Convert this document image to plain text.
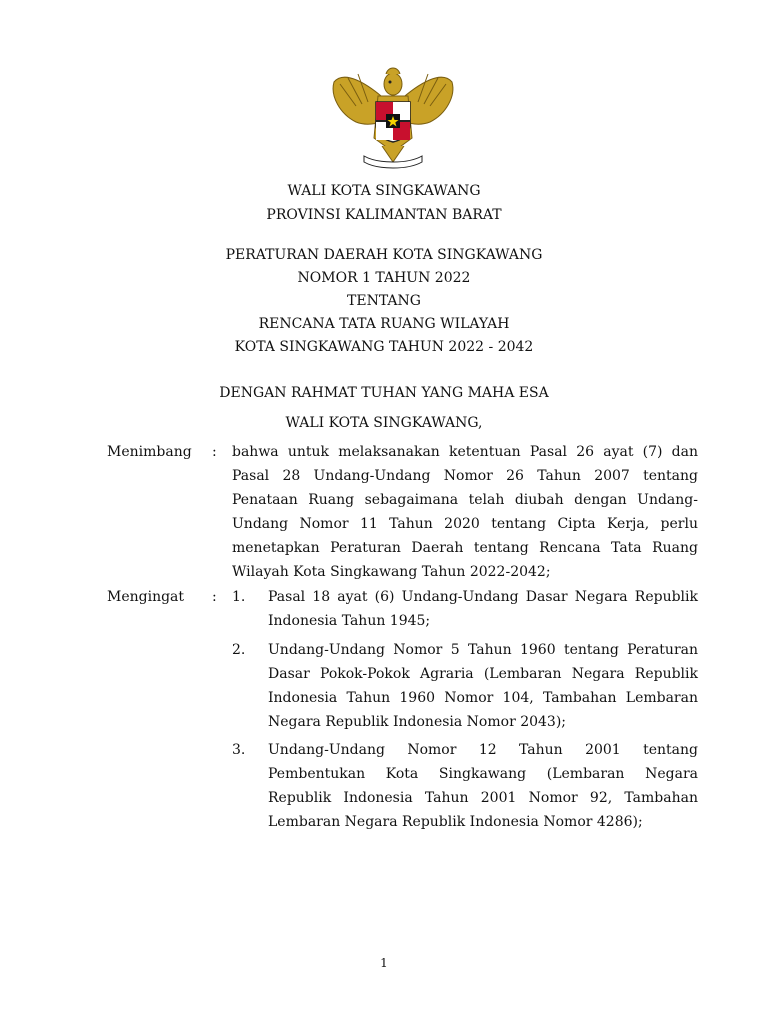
WALI KOTA SINGKAWANG
PROVINSI KALIMANTAN BARAT
PERATURAN DAERAH KOTA SINGKAWANG
NOMOR 1 TAHUN 2022
TENTANG
RENCANA TATA RUANG WILAYAH
KOTA SINGKAWANG TAHUN 2022 - 2042
DENGAN RAHMAT TUHAN YANG MAHA ESA
WALI KOTA SINGKAWANG,
Menimbang : bahwa untuk melaksanakan ketentuan Pasal 26 ayat (7) dan
Pasal 28 Undang-Undang Nomor 26 Tahun 2007 tentang
Penataan Ruang sebagaimana telah diubah dengan Undang-
Undang Nomor 11 Tahun 2020 tentang Cipta Kerja, perlu
menetapkan Peraturan Daerah tentang Rencana Tata Ruang
Wilayah Kota Singkawang Tahun 2022-2042;
Mengingat : 1. Pasal 18 ayat (6) Undang-Undang Dasar Negara Republik
Indonesia Tahun 1945;
2. Undang-Undang Nomor 5 Tahun 1960 tentang Peraturan
Dasar Pokok-Pokok Agraria (Lembaran Negara Republik
Indonesia Tahun 1960 Nomor 104, Tambahan Lembaran
Negara Republik Indonesia Nomor 2043);
3. Undang-Undang Nomor 12 Tahun 2001 tentang
Pembentukan Kota Singkawang (Lembaran Negara
Republik Indonesia Tahun 2001 Nomor 92, Tambahan
Lembaran Negara Republik Indonesia Nomor 4286);
1
